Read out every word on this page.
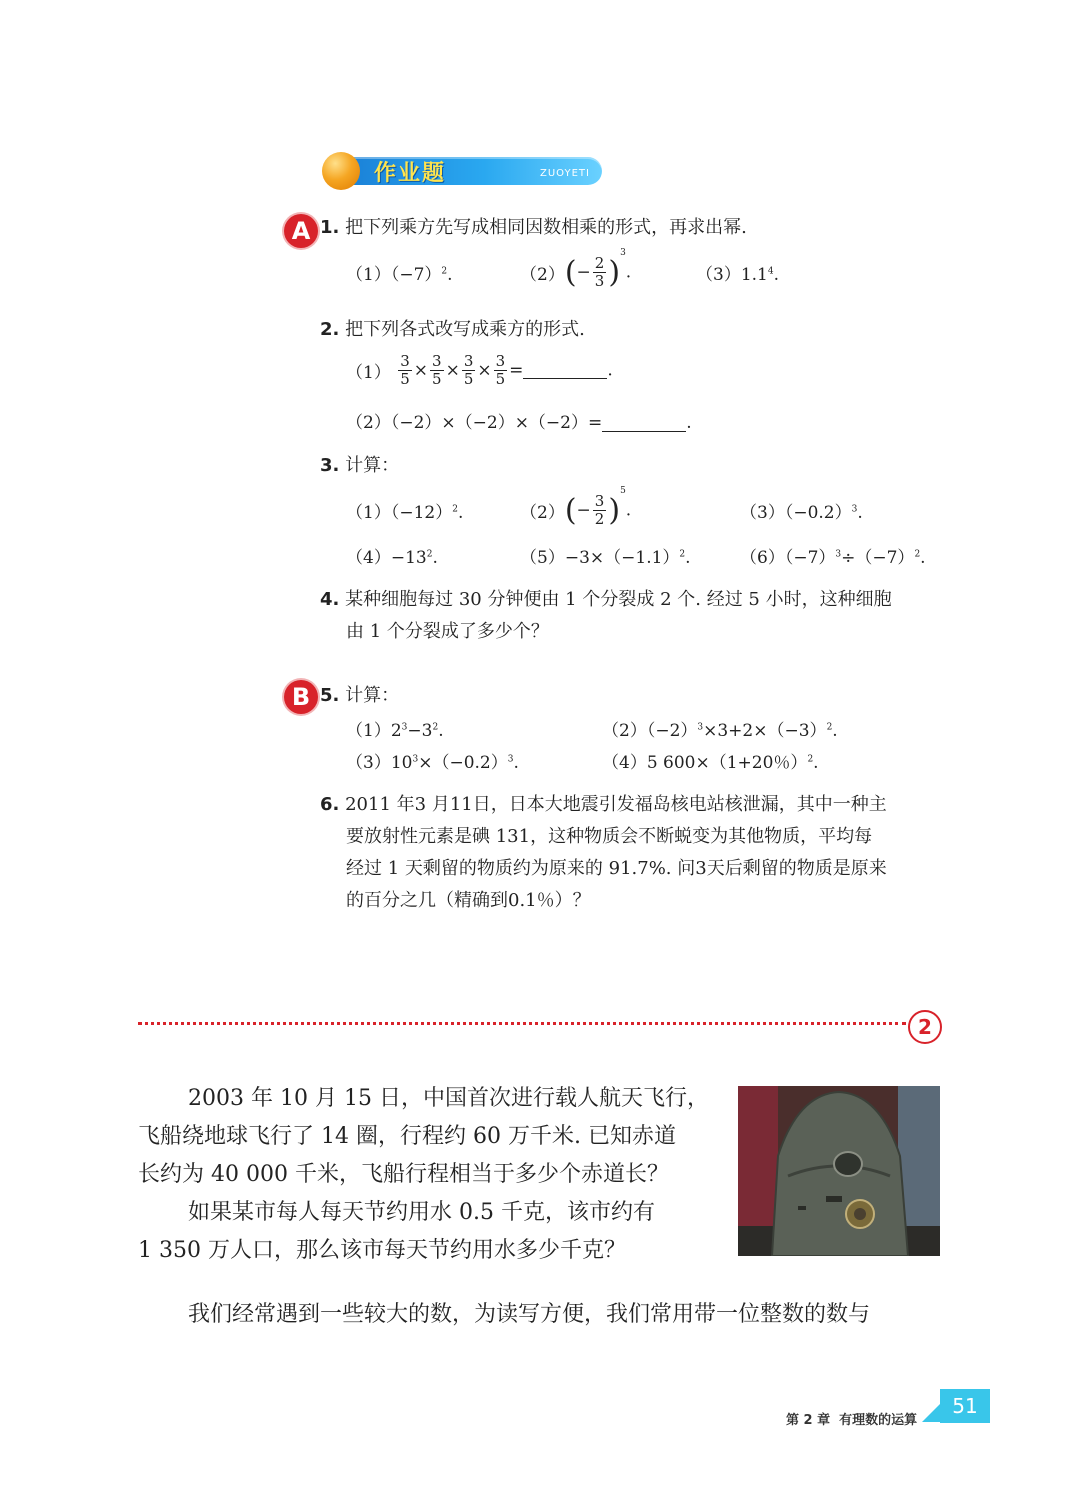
作业题	ZUOYETI
A 1. 把下列乘方先写成相同因数相乘的形式，再求出幂.
$(1)(-7)^2$.	$(2)(- \frac{2}{3} )^3$.	$(3)1.1^4$.
2. 把下列各式改写成乘方的形式.
$(1) \frac{3}{5} \times \frac{3}{5} \times \frac{3}{5} \times \frac{3}{5}$ =	.
（2）（−2）×（−2）×（−2）=	.
3. 计算：
$(1)(-12)^2$.	$(2)(- \frac{3}{2} )^5$.	$(3)(-0.2)^3$.
$(4)-13^2$.	$(5)-3\times(-1.1)^2$.	$(6)(-7)^3\div(-7)^2$.
4. 某种细胞每过 30 分钟便由 1 个分裂成 2 个. 经过 5 小时，这种细胞
由 1 个分裂成了多少个？
B 5. 计算：
$(1)2^3-3^2$.	$(2)(-2)^3\times 3+2\times(-3)^2$.
$(3)10^3\times(-0.2)^3$.	（4）5 600×（1+20％）$^2$.
6. 2011 年3 月11日，日本大地震引发福岛核电站核泄漏，其中一种主
要放射性元素是碘 131，这种物质会不断蜕变为其他物质，平均每
经过 1 天剩留的物质约为原来的 91.7%. 问3天后剩留的物质是原来
的百分之几（精确到0.1％）？
2
2003 年 10 月 15 日，中国首次进行载人航天飞行，
飞船绕地球飞行了 14 圈，行程约 60 万千米. 已知赤道
长约为 40 000 千米，飞船行程相当于多少个赤道长？
如果某市每人每天节约用水 0.5 千克，该市约有
1 350 万人口，那么该市每天节约用水多少千克？
我们经常遇到一些较大的数，为读写方便，我们常用带一位整数的数与
第 2 章 有理数的运算
51
